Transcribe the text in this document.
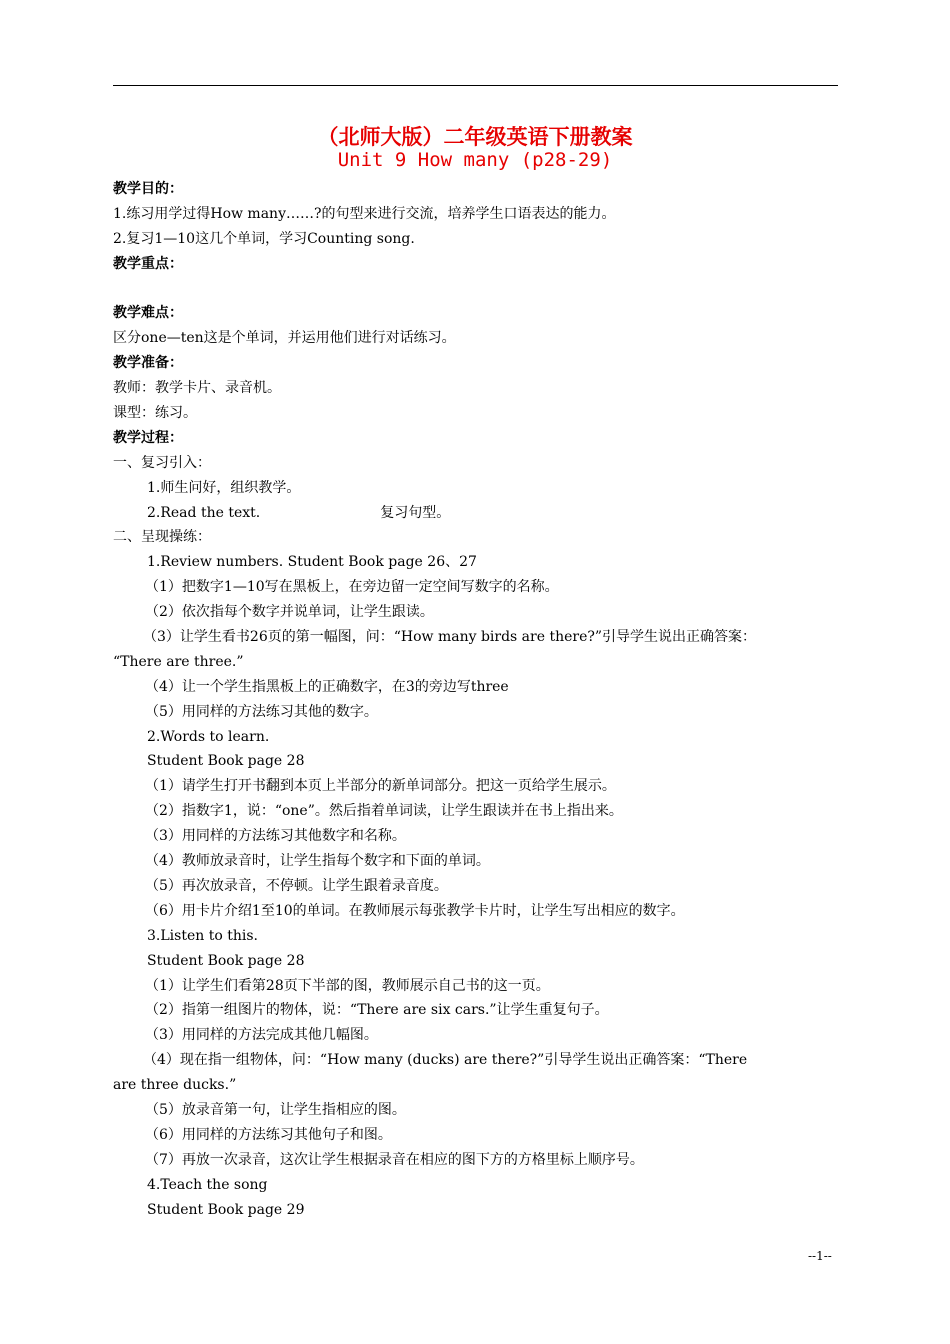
（北师大版）二年级英语下册教案
Unit 9 How many (p28-29)
教学目的：
1.练习用学过得How many……?的句型来进行交流，培养学生口语表达的能力。
2.复习1—10这几个单词，学习Counting song.
教学重点：
教学难点：
区分one—ten这是个单词，并运用他们进行对话练习。
教学准备：
教师：教学卡片、录音机。
课型：练习。
教学过程：
一、复习引入：
1.师生问好，组织教学。
2.Read the text.	复习句型。
二、呈现操练：
1.Review numbers. Student Book page 26、27
（1）把数字1—10写在黑板上，在旁边留一定空间写数字的名称。
（2）依次指每个数字并说单词，让学生跟读。
（3）让学生看书26页的第一幅图，问：“How many birds are there?”引导学生说出正确答案：
“There are three.”
（4）让一个学生指黑板上的正确数字，在3的旁边写three
（5）用同样的方法练习其他的数字。
2.Words to learn.
Student Book page 28
（1）请学生打开书翻到本页上半部分的新单词部分。把这一页给学生展示。
（2）指数字1，说：“one”。然后指着单词读，让学生跟读并在书上指出来。
（3）用同样的方法练习其他数字和名称。
（4）教师放录音时，让学生指每个数字和下面的单词。
（5）再次放录音，不停顿。让学生跟着录音度。
（6）用卡片介绍1至10的单词。在教师展示每张教学卡片时，让学生写出相应的数字。
3.Listen to this.
Student Book page 28
（1）让学生们看第28页下半部的图，教师展示自己书的这一页。
（2）指第一组图片的物体，说：“There are six cars.”让学生重复句子。
（3）用同样的方法完成其他几幅图。
（4）现在指一组物体，问：“How many (ducks) are there?”引导学生说出正确答案：“There
are three ducks.”
（5）放录音第一句，让学生指相应的图。
（6）用同样的方法练习其他句子和图。
（7）再放一次录音，这次让学生根据录音在相应的图下方的方格里标上顺序号。
4.Teach the song
Student Book page 29
--1--
